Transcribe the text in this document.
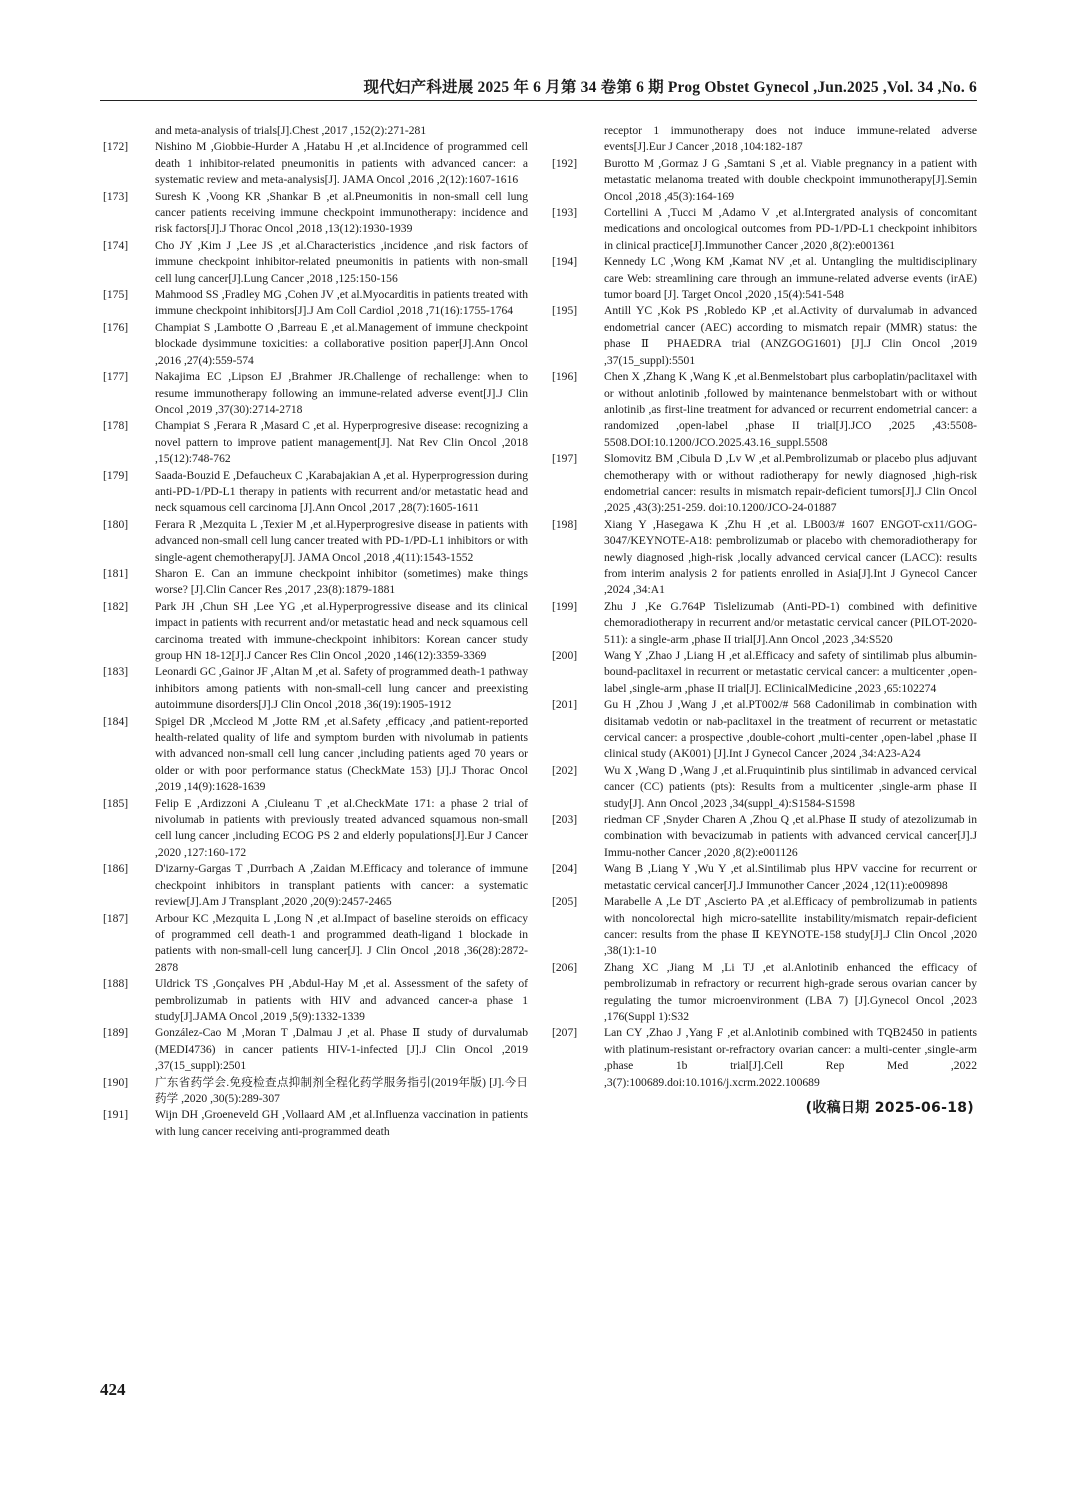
现代妇产科进展 2025 年 6 月第 34 卷第 6 期 Prog Obstet Gynecol ,Jun.2025 ,Vol. 34 ,No. 6
and meta-analysis of trials[J].Chest ,2017 ,152(2):271-281
[172] Nishino M ,Giobbie-Hurder A ,Hatabu H ,et al.Incidence of programmed cell death 1 inhibitor-related pneumonitis in patients with advanced cancer: a systematic review and meta-analysis[J]. JAMA Oncol ,2016 ,2(12):1607-1616
[173] Suresh K ,Voong KR ,Shankar B ,et al.Pneumonitis in non-small cell lung cancer patients receiving immune checkpoint immunotherapy: incidence and risk factors[J].J Thorac Oncol ,2018 ,13(12):1930-1939
[174] Cho JY ,Kim J ,Lee JS ,et al.Characteristics ,incidence ,and risk factors of immune checkpoint inhibitor-related pneumonitis in patients with non-small cell lung cancer[J].Lung Cancer ,2018 ,125:150-156
[175] Mahmood SS ,Fradley MG ,Cohen JV ,et al.Myocarditis in patients treated with immune checkpoint inhibitors[J].J Am Coll Cardiol ,2018 ,71(16):1755-1764
[176] Champiat S ,Lambotte O ,Barreau E ,et al.Management of immune checkpoint blockade dysimmune toxicities: a collaborative position paper[J].Ann Oncol ,2016 ,27(4):559-574
[177] Nakajima EC ,Lipson EJ ,Brahmer JR.Challenge of rechallenge: when to resume immunotherapy following an immune-related adverse event[J].J Clin Oncol ,2019 ,37(30):2714-2718
[178] Champiat S ,Ferara R ,Masard C ,et al. Hyperprogresive disease: recognizing a novel pattern to improve patient management[J]. Nat Rev Clin Oncol ,2018 ,15(12):748-762
[179] Saada-Bouzid E ,Defaucheux C ,Karabajakian A ,et al. Hyperprogression during anti-PD-1/PD-L1 therapy in patients with recurrent and/or metastatic head and neck squamous cell carcinoma [J].Ann Oncol ,2017 ,28(7):1605-1611
[180] Ferara R ,Mezquita L ,Texier M ,et al.Hyperprogresive disease in patients with advanced non-small cell lung cancer treated with PD-1/PD-L1 inhibitors or with single-agent chemotherapy[J]. JAMA Oncol ,2018 ,4(11):1543-1552
[181] Sharon E. Can an immune checkpoint inhibitor (sometimes) make things worse? [J].Clin Cancer Res ,2017 ,23(8):1879-1881
[182] Park JH ,Chun SH ,Lee YG ,et al.Hyperprogressive disease and its clinical impact in patients with recurrent and/or metastatic head and neck squamous cell carcinoma treated with immune-checkpoint inhibitors: Korean cancer study group HN 18-12[J].J Cancer Res Clin Oncol ,2020 ,146(12):3359-3369
[183] Leonardi GC ,Gainor JF ,Altan M ,et al. Safety of programmed death-1 pathway inhibitors among patients with non-small-cell lung cancer and preexisting autoimmune disorders[J].J Clin Oncol ,2018 ,36(19):1905-1912
[184] Spigel DR ,Mccleod M ,Jotte RM ,et al.Safety ,efficacy ,and patient-reported health-related quality of life and symptom burden with nivolumab in patients with advanced non-small cell lung cancer ,including patients aged 70 years or older or with poor performance status (CheckMate 153) [J].J Thorac Oncol ,2019 ,14(9):1628-1639
[185] Felip E ,Ardizzoni A ,Ciuleanu T ,et al.CheckMate 171: a phase 2 trial of nivolumab in patients with previously treated advanced squamous non-small cell lung cancer ,including ECOG PS 2 and elderly populations[J].Eur J Cancer ,2020 ,127:160-172
[186] D'izarny-Gargas T ,Durrbach A ,Zaidan M.Efficacy and tolerance of immune checkpoint inhibitors in transplant patients with cancer: a systematic review[J].Am J Transplant ,2020 ,20(9):2457-2465
[187] Arbour KC ,Mezquita L ,Long N ,et al.Impact of baseline steroids on efficacy of programmed cell death-1 and programmed death-ligand 1 blockade in patients with non-small-cell lung cancer[J]. J Clin Oncol ,2018 ,36(28):2872-2878
[188] Uldrick TS ,Gonçalves PH ,Abdul-Hay M ,et al. Assessment of the safety of pembrolizumab in patients with HIV and advanced cancer-a phase 1 study[J].JAMA Oncol ,2019 ,5(9):1332-1339
[189] González-Cao M ,Moran T ,Dalmau J ,et al. Phase Ⅱ study of durvalumab (MEDI4736) in cancer patients HIV-1-infected [J].J Clin Oncol ,2019 ,37(15_suppl):2501
[190] 广东省药学会.免疫检查点抑制剂全程化药学服务指引(2019年版) [J].今日药学 ,2020 ,30(5):289-307
[191] Wijn DH ,Groeneveld GH ,Vollaard AM ,et al.Influenza vaccination in patients with lung cancer receiving anti-programmed death
receptor 1 immunotherapy does not induce immune-related adverse events[J].Eur J Cancer ,2018 ,104:182-187
[192] Burotto M ,Gormaz J G ,Samtani S ,et al. Viable pregnancy in a patient with metastatic melanoma treated with double checkpoint immunotherapy[J].Semin Oncol ,2018 ,45(3):164-169
[193] Cortellini A ,Tucci M ,Adamo V ,et al.Intergrated analysis of concomitant medications and oncological outcomes from PD-1/PD-L1 checkpoint inhibitors in clinical practice[J].Immunother Cancer ,2020 ,8(2):e001361
[194] Kennedy LC ,Wong KM ,Kamat NV ,et al. Untangling the multidisciplinary care Web: streamlining care through an immune-related adverse events (irAE) tumor board [J]. Target Oncol ,2020 ,15(4):541-548
[195] Antill YC ,Kok PS ,Robledo KP ,et al.Activity of durvalumab in advanced endometrial cancer (AEC) according to mismatch repair (MMR) status: the phase Ⅱ PHAEDRA trial (ANZGOG1601) [J].J Clin Oncol ,2019 ,37(15_suppl):5501
[196] Chen X ,Zhang K ,Wang K ,et al.Benmelstobart plus carboplatin/paclitaxel with or without anlotinib ,followed by maintenance benmelstobart with or without anlotinib ,as first-line treatment for advanced or recurrent endometrial cancer: a randomized ,open-label ,phase II trial[J].JCO ,2025 ,43:5508-5508.DOI:10.1200/JCO.2025.43.16_suppl.5508
[197] Slomovitz BM ,Cibula D ,Lv W ,et al.Pembrolizumab or placebo plus adjuvant chemotherapy with or without radiotherapy for newly diagnosed ,high-risk endometrial cancer: results in mismatch repair-deficient tumors[J].J Clin Oncol ,2025 ,43(3):251-259. doi:10.1200/JCO-24-01887
[198] Xiang Y ,Hasegawa K ,Zhu H ,et al. LB003/# 1607 ENGOT-cx11/GOG-3047/KEYNOTE-A18: pembrolizumab or placebo with chemoradiotherapy for newly diagnosed ,high-risk ,locally advanced cervical cancer (LACC): results from interim analysis 2 for patients enrolled in Asia[J].Int J Gynecol Cancer ,2024 ,34:A1
[199] Zhu J ,Ke G.764P Tislelizumab (Anti-PD-1) combined with definitive chemoradiotherapy in recurrent and/or metastatic cervical cancer (PILOT-2020-511): a single-arm ,phase II trial[J].Ann Oncol ,2023 ,34:S520
[200] Wang Y ,Zhao J ,Liang H ,et al.Efficacy and safety of sintilimab plus albumin-bound-paclitaxel in recurrent or metastatic cervical cancer: a multicenter ,open-label ,single-arm ,phase II trial[J]. EClinicalMedicine ,2023 ,65:102274
[201] Gu H ,Zhou J ,Wang J ,et al.PT002/# 568 Cadonilimab in combination with disitamab vedotin or nab-paclitaxel in the treatment of recurrent or metastatic cervical cancer: a prospective ,double-cohort ,multi-center ,open-label ,phase II clinical study (AK001) [J].Int J Gynecol Cancer ,2024 ,34:A23-A24
[202] Wu X ,Wang D ,Wang J ,et al.Fruquintinib plus sintilimab in advanced cervical cancer (CC) patients (pts): Results from a multicenter ,single-arm phase II study[J]. Ann Oncol ,2023 ,34(suppl_4):S1584-S1598
[203] riedman CF ,Snyder Charen A ,Zhou Q ,et al.Phase Ⅱ study of atezolizumab in combination with bevacizumab in patients with advanced cervical cancer[J].J Immu-nother Cancer ,2020 ,8(2):e001126
[204] Wang B ,Liang Y ,Wu Y ,et al.Sintilimab plus HPV vaccine for recurrent or metastatic cervical cancer[J].J Immunother Cancer ,2024 ,12(11):e009898
[205] Marabelle A ,Le DT ,Ascierto PA ,et al.Efficacy of pembrolizumab in patients with noncolorectal high micro-satellite instability/mismatch repair-deficient cancer: results from the phase Ⅱ KEYNOTE-158 study[J].J Clin Oncol ,2020 ,38(1):1-10
[206] Zhang XC ,Jiang M ,Li TJ ,et al.Anlotinib enhanced the efficacy of pembrolizumab in refractory or recurrent high-grade serous ovarian cancer by regulating the tumor microenvironment (LBA 7) [J].Gynecol Oncol ,2023 ,176(Suppl 1):S32
[207] Lan CY ,Zhao J ,Yang F ,et al.Anlotinib combined with TQB2450 in patients with platinum-resistant or-refractory ovarian cancer: a multi-center ,single-arm ,phase 1b trial[J].Cell Rep Med ,2022 ,3(7):100689.doi:10.1016/j.xcrm.2022.100689
(收稿日期 2025-06-18)
424
